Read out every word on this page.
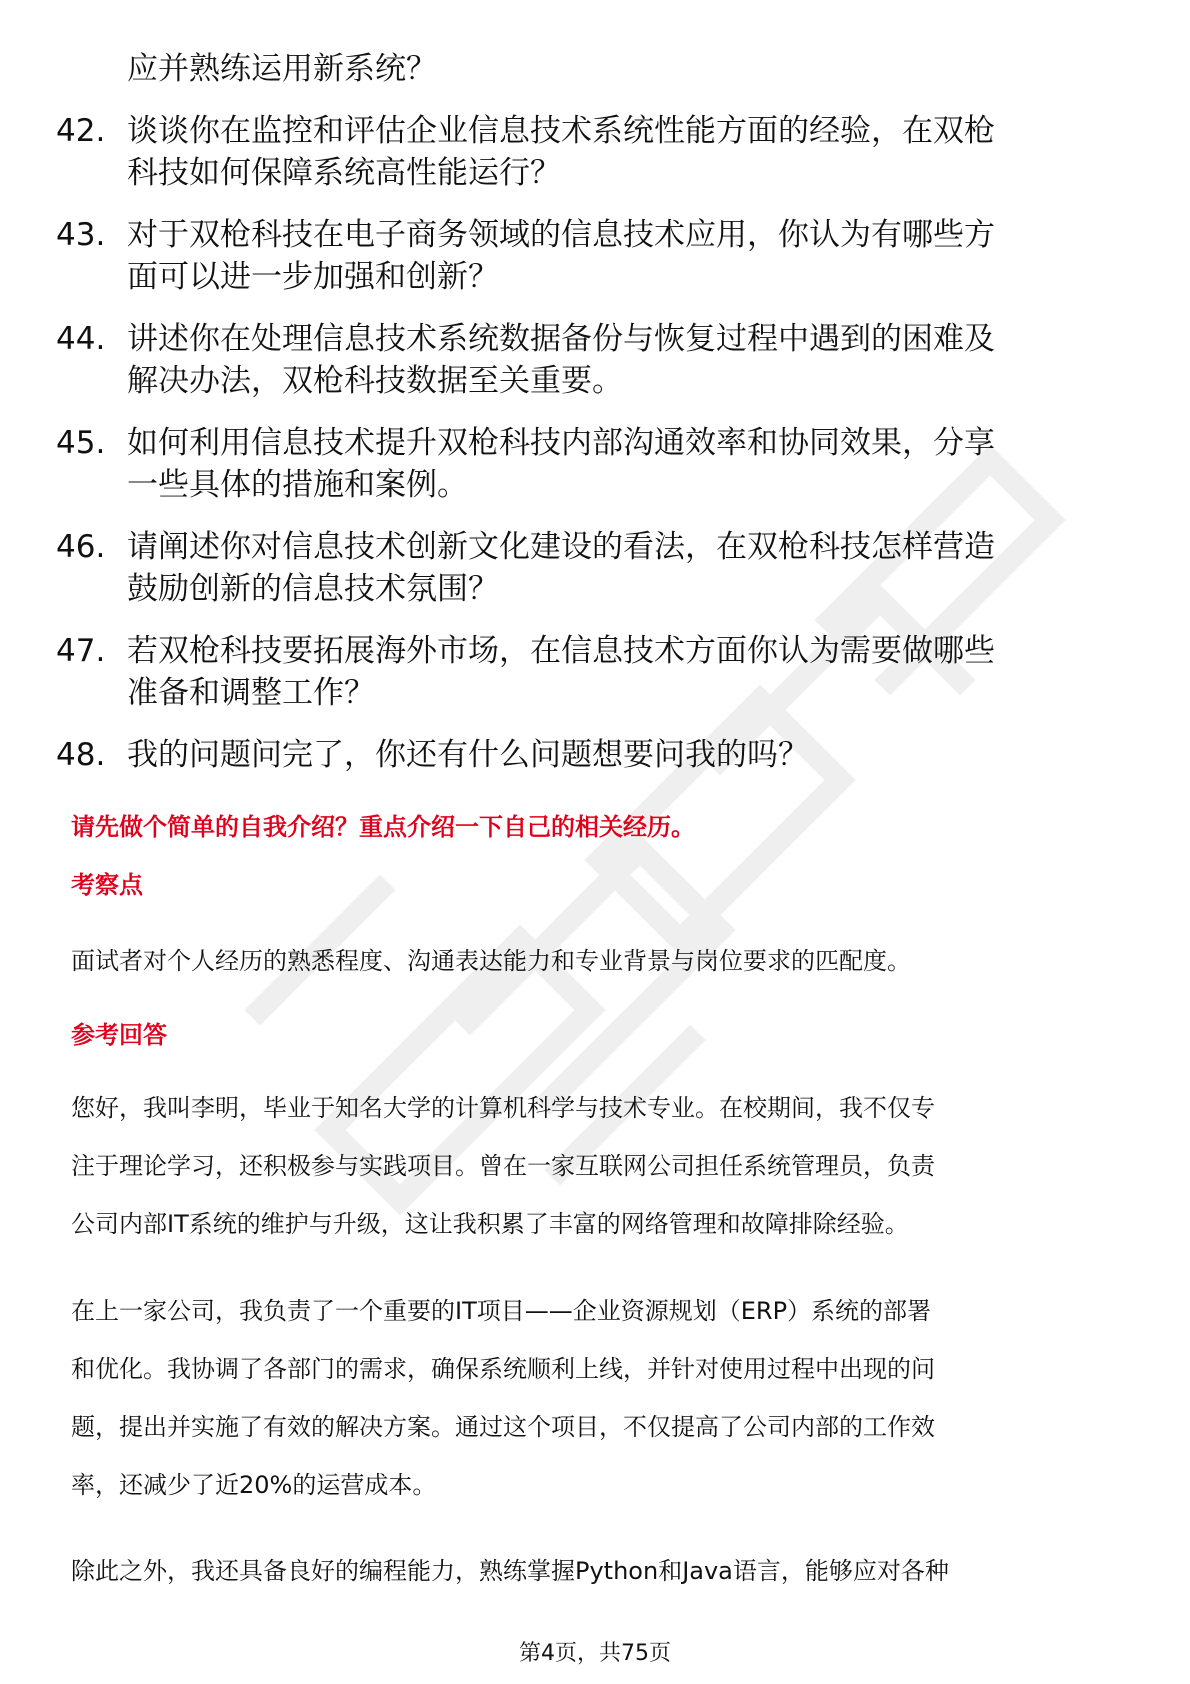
应并熟练运用新系统？
42. 谈谈你在监控和评估企业信息技术系统性能方面的经验，在双枪
科技如何保障系统高性能运行？
43. 对于双枪科技在电子商务领域的信息技术应用，你认为有哪些方
面可以进一步加强和创新？
44. 讲述你在处理信息技术系统数据备份与恢复过程中遇到的困难及
解决办法，双枪科技数据至关重要。
45. 如何利用信息技术提升双枪科技内部沟通效率和协同效果，分享
一些具体的措施和案例。
46. 请阐述你对信息技术创新文化建设的看法，在双枪科技怎样营造
鼓励创新的信息技术氛围？
47. 若双枪科技要拓展海外市场，在信息技术方面你认为需要做哪些
准备和调整工作？
48. 我的问题问完了，你还有什么问题想要问我的吗？
请先做个简单的自我介绍？重点介绍一下自己的相关经历。
考察点
面试者对个人经历的熟悉程度、沟通表达能力和专业背景与岗位要求的匹配度。
参考回答
您好，我叫李明，毕业于知名大学的计算机科学与技术专业。在校期间，我不仅专
注于理论学习，还积极参与实践项目。曾在一家互联网公司担任系统管理员，负责
公司内部IT系统的维护与升级，这让我积累了丰富的网络管理和故障排除经验。
在上一家公司，我负责了一个重要的IT项目——企业资源规划（ERP）系统的部署
和优化。我协调了各部门的需求，确保系统顺利上线，并针对使用过程中出现的问
题，提出并实施了有效的解决方案。通过这个项目，不仅提高了公司内部的工作效
率，还减少了近20%的运营成本。
除此之外，我还具备良好的编程能力，熟练掌握Python和Java语言，能够应对各种
第4页，共75页
